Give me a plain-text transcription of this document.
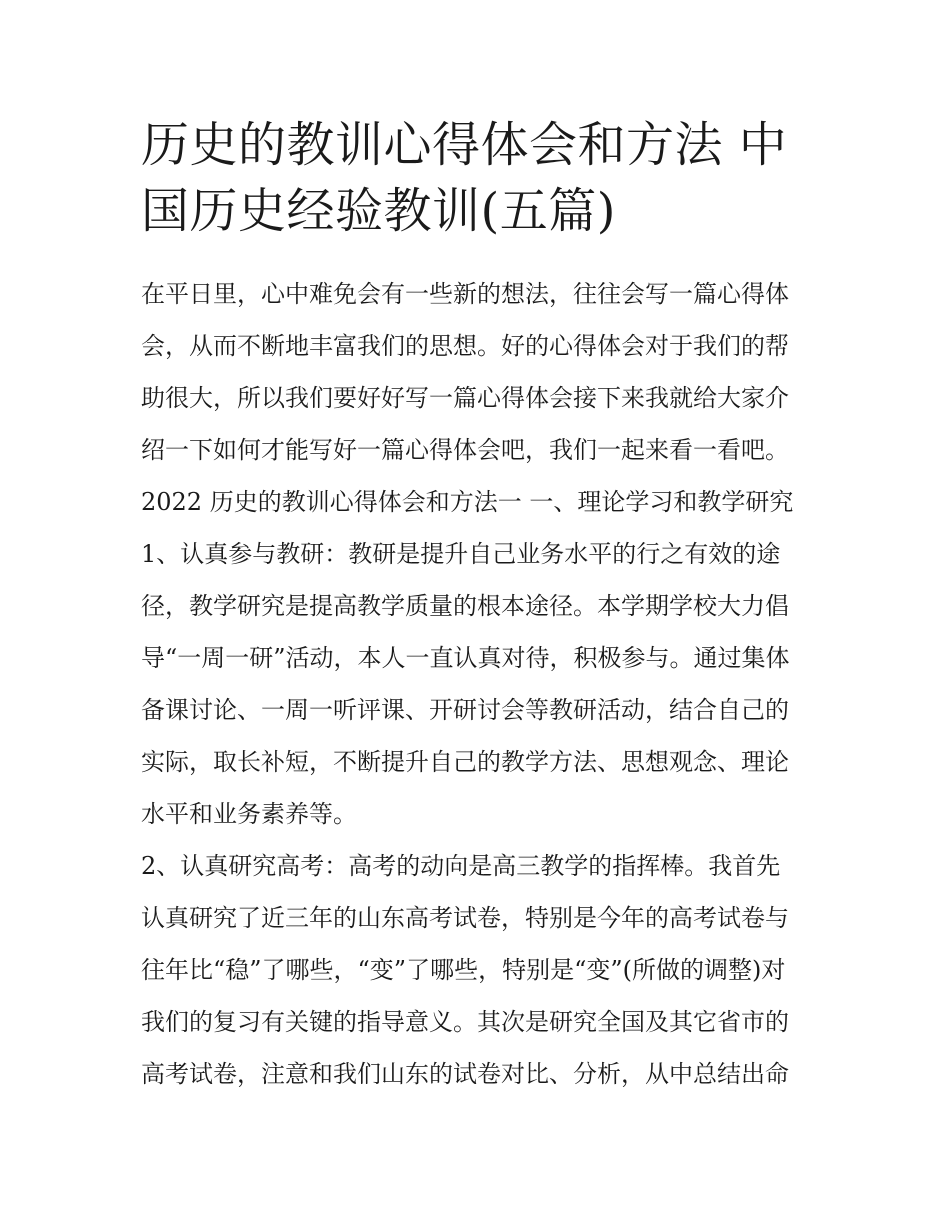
历史的教训心得体会和方法 中
国历史经验教训(五篇)
在平日里，心中难免会有一些新的想法，往往会写一篇心得体
会，从而不断地丰富我们的思想。好的心得体会对于我们的帮
助很大，所以我们要好好写一篇心得体会接下来我就给大家介
绍一下如何才能写好一篇心得体会吧，我们一起来看一看吧。
2022 历史的教训心得体会和方法一 一、理论学习和教学研究
1、认真参与教研：教研是提升自己业务水平的行之有效的途
径，教学研究是提高教学质量的根本途径。本学期学校大力倡
导“一周一研”活动，本人一直认真对待，积极参与。通过集体
备课讨论、一周一听评课、开研讨会等教研活动，结合自己的
实际，取长补短，不断提升自己的教学方法、思想观念、理论
水平和业务素养等。
2、认真研究高考：高考的动向是高三教学的指挥棒。我首先
认真研究了近三年的山东高考试卷，特别是今年的高考试卷与
往年比“稳”了哪些，“变”了哪些，特别是“变”(所做的调整)对
我们的复习有关键的指导意义。其次是研究全国及其它省市的
高考试卷，注意和我们山东的试卷对比、分析，从中总结出命
